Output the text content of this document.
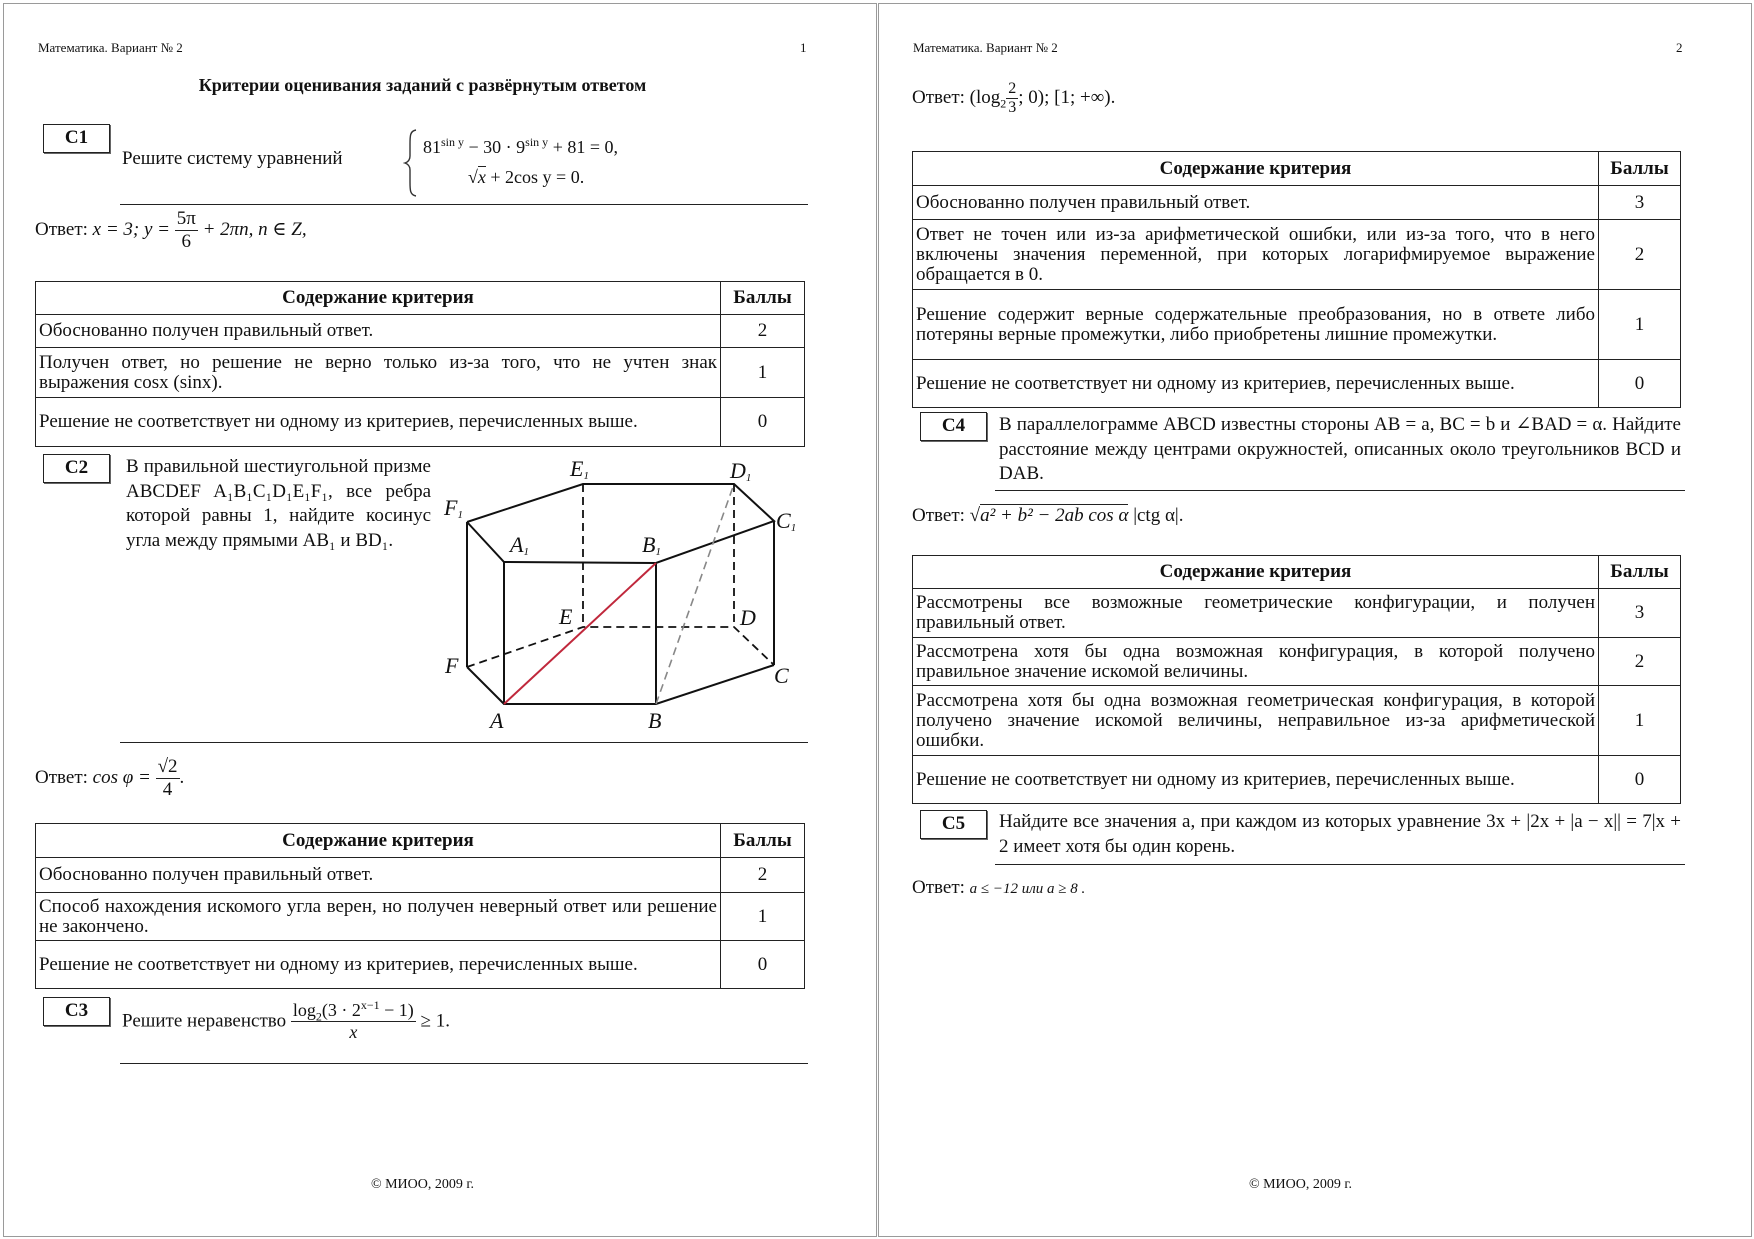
Математика. Вариант № 2	1
Критерии оценивания заданий с развёрнутым ответом
C1
Решите систему уравнений
$81^{sin y} - 30 \cdot 9^{sin y} + 81 = 0$,
√x + 2cos y = 0.
Ответ: x = 3; $y = \frac{5\pi}{6} + 2\pi n$, n ∈ Z,
Содержание критерия	Баллы
Обоснованно получен правильный ответ.	2
Получен ответ, но решение не верно только из-за того, что не учтен знак выражения cosx (sinx).	1
Решение не соответствует ни одному из критериев, перечисленных выше.	0
C2	В правильной шестиугольной призме ABCDEF A₁B₁C₁D₁E₁F₁, все ребра которой равны 1, найдите косинус угла между прямыми AB₁ и BD₁.
E1	D1
F1	C1
A1	B1
E	D
F	C
A	B
Ответ: $\cos \varphi = \frac{√2}{4}$ .
Содержание критерия	Баллы
Обоснованно получен правильный ответ.	2
Способ нахождения искомого угла верен, но получен неверный ответ или решение не закончено.	1
Решение не соответствует ни одному из критериев, перечисленных выше.	0
C3	Решите неравенство $\frac{\log_2(3 \cdot 2^{x-1} - 1)}{x} \ge 1$.
© МИОО, 2009 г.
Математика. Вариант № 2	2
Ответ: ($\log_2 \frac{2}{3}$ ; 0); [1; +∞).
Содержание критерия	Баллы
Обоснованно получен правильный ответ.	3
Ответ не точен или из-за арифметической ошибки, или из-за того, что в него включены значения переменной, при которых логарифмируемое выражение обращается в 0.	2
Решение содержит верные содержательные преобразования, но в ответе либо потеряны верные промежутки, либо приобретены лишние промежутки.	1
Решение не соответствует ни одному из критериев, перечисленных выше.	0
C4	В параллелограмме ABCD известны стороны AB = a, BC = b и ∠BAD = α. Найдите расстояние между центрами окружностей, описанных около треугольников BCD и DAB.
Ответ: √a² + b² − 2ab cos α |ctg α|.
Содержание критерия	Баллы
Рассмотрены все возможные геометрические конфигурации, и получен правильный ответ.	3
Рассмотрена хотя бы одна возможная конфигурация, в которой получено правильное значение искомой величины.	2
Рассмотрена хотя бы одна возможная геометрическая конфигурация, в которой получено значение искомой величины, неправильное из-за арифметической ошибки.	1
Решение не соответствует ни одному из критериев, перечисленных выше.	0
C5	Найдите все значения a, при каждом из которых уравнение 3x + |2x + |a − x|| = 7|x + 2 имеет хотя бы один корень.
Ответ: a ≤ −12 или a ≥ 8 .
© МИОО, 2009 г.
